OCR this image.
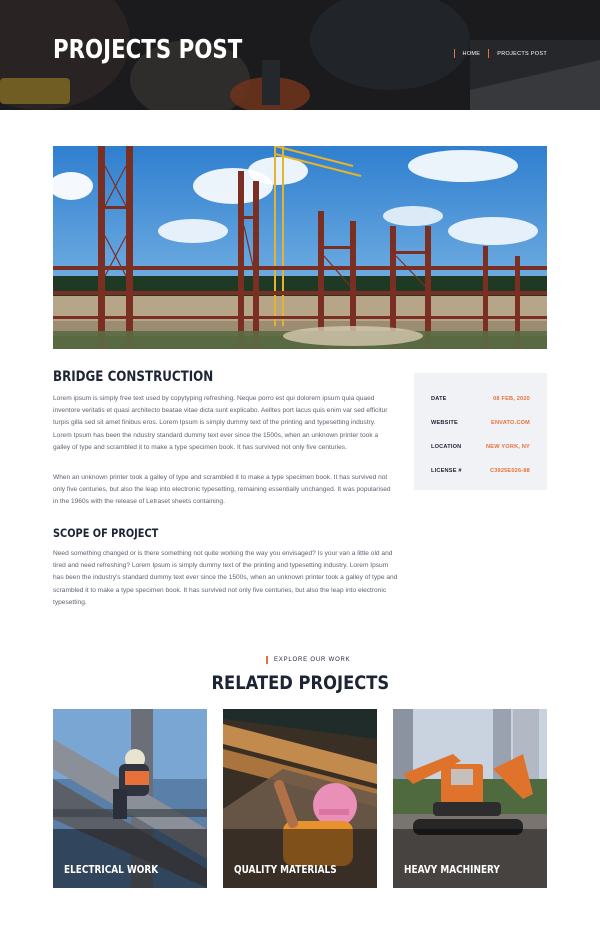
PROJECTS POST	HOME	PROJECTS POST
BRIDGE CONSTRUCTION

Lorem ipsum is simply free text used by copytyping refreshing. Neque porro est qui dolorem ipsum quia quaed inventore veritatis et quasi architecto beatae vitae dicta sunt explicabo. Aelltes port lacus quis enim var sed efficitur turpis gilla sed sit amet finibus eros. Lorem Ipsum is simply dummy text of the printing and typesetting industry. Lorem Ipsum has been the ndustry standard dummy text ever since the 1500s, when an unknown printer took a galley of type and scrambled it to make a type specimen book. It has survived not only five centuries.

When an unknown printer took a galley of type and scrambled it to make a type specimen book. It has survived not only five centuries, but also the leap into electronic typesetting, remaining essentially unchanged. It was popularised in the 1960s with the release of Letraset sheets containing.

SCOPE OF PROJECT

Need something changed or is there something not quite working the way you envisaged? Is your van a little old and tired and need refreshing? Lorem Ipsum is simply dummy text of the printing and typesetting industry. Lorem Ipsum has been the industry's standard dummy text ever since the 1500s, when an unknown printer took a galley of type and scrambled it to make a type specimen book. It has survived not only five centuries, but also the leap into electronic typesetting.

DATE	08 FEB, 2020
WEBSITE	ENVATO.COM
LOCATION	NEW YORK, NY
LICENSE #	C3925E026-88
EXPLORE OUR WORK
RELATED PROJECTS
ELECTRICAL WORK	QUALITY MATERIALS	HEAVY MACHINERY
